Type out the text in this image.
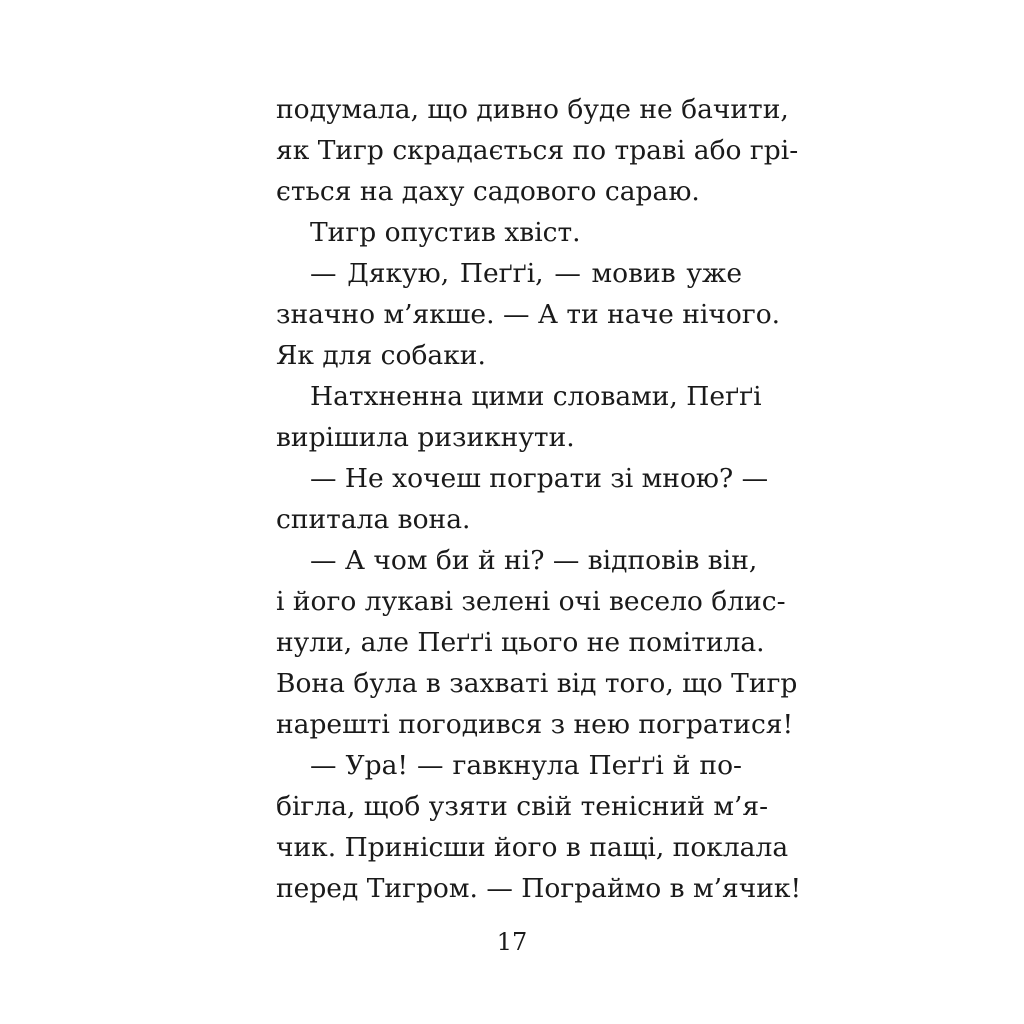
подумала, що дивно буде не бачити,
як Тигр скрадається по траві або грі-
ється на даху садового сараю.
Тигр опустив хвіст.
— Дякую, Пеґґі, — мовив уже
значно м’якше. — А ти наче нічого.
Як для собаки.
Натхненна цими словами, Пеґґі
вирішила ризикнути.
— Не хочеш пограти зі мною? —
спитала вона.
— А чом би й ні? — відповів він,
і його лукаві зелені очі весело блис-
нули, але Пеґґі цього не помітила.
Вона була в захваті від того, що Тигр
нарешті погодився з нею погратися!
— Ура! — гавкнула Пеґґі й по-
бігла, щоб узяти свій тенісний м’я-
чик. Принісши його в пащі, поклала
перед Тигром. — Пограймо в м’ячик!
17
